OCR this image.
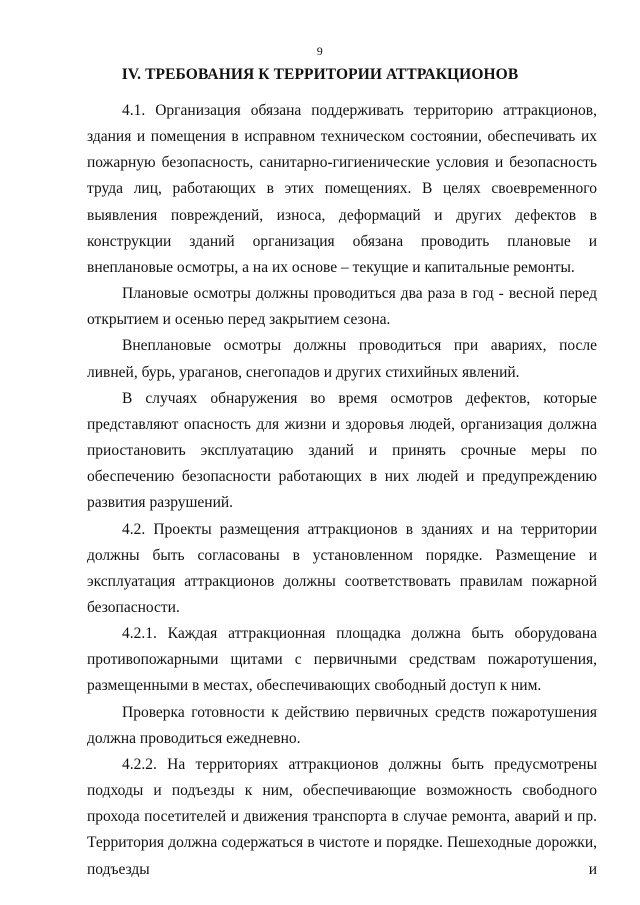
9
IV. ТРЕБОВАНИЯ К ТЕРРИТОРИИ АТТРАКЦИОНОВ

4.1. Организация обязана поддерживать территорию аттракционов, здания и помещения в исправном техническом состоянии, обеспечивать их пожарную безопасность, санитарно-гигиенические условия и безопасность труда лиц, работающих в этих помещениях. В целях своевременного выявления повреждений, износа, деформаций и других дефектов в конструкции зданий организация обязана проводить плановые и внеплановые осмотры, а на их основе – текущие и капитальные ремонты.

Плановые осмотры должны проводиться два раза в год - весной перед открытием и осенью перед закрытием сезона.

Внеплановые осмотры должны проводиться при авариях, после ливней, бурь, ураганов, снегопадов и других стихийных явлений.

В случаях обнаружения во время осмотров дефектов, которые представляют опасность для жизни и здоровья людей, организация должна приостановить эксплуатацию зданий и принять срочные меры по обеспечению безопасности работающих в них людей и предупреждению развития разрушений.

4.2. Проекты размещения аттракционов в зданиях и на территории должны быть согласованы в установленном порядке. Размещение и эксплуатация аттракционов должны соответствовать правилам пожарной безопасности.

4.2.1. Каждая аттракционная площадка должна быть оборудована противопожарными щитами с первичными средствам пожаротушения, размещенными в местах, обеспечивающих свободный доступ к ним.

Проверка готовности к действию первичных средств пожаротушения должна проводиться ежедневно.

4.2.2. На территориях аттракционов должны быть предусмотрены подходы и подъезды к ним, обеспечивающие возможность свободного прохода посетителей и движения транспорта в случае ремонта, аварий и пр. Территория должна содержаться в чистоте и порядке. Пешеходные дорожки, подъезды и
